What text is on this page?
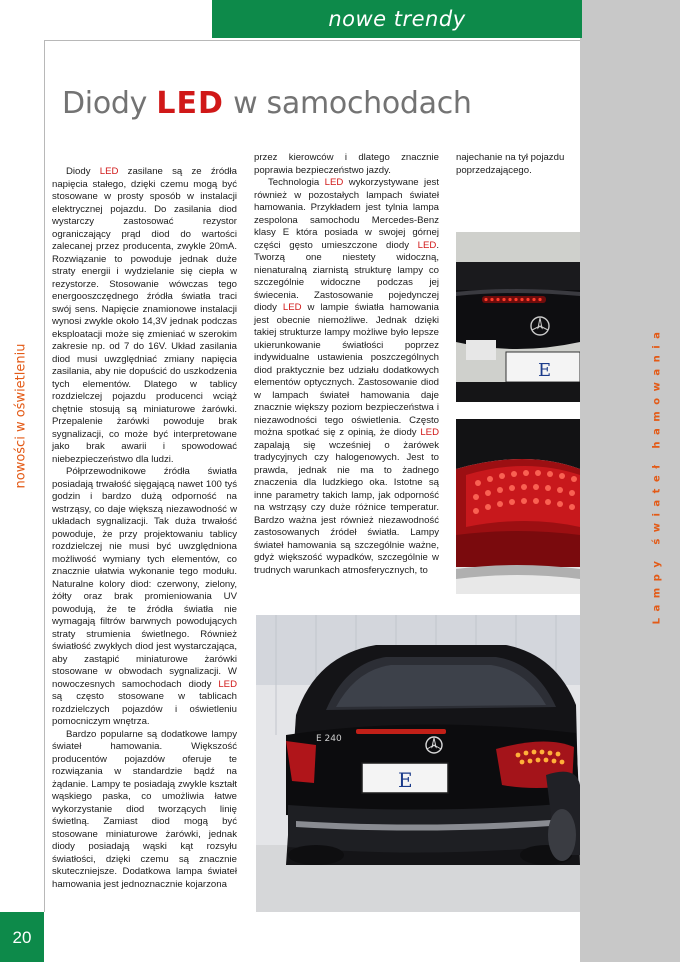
nowe trendy
nowości w oświetleniu	Lampy świateł hamowania
Diody LED w samochodach

Diody LED zasilane są ze źródła napięcia stałego, dzięki czemu mogą być stosowane w prosty sposób w instalacji elektrycznej pojazdu. Do zasilania diod wystarczy zastosować rezystor ograniczający prąd diod do wartości zalecanej przez producenta, zwykle 20mA. Rozwiązanie to powoduje jednak duże straty energii i wydzielanie się ciepła w rezystorze. Stosowanie wówczas tego energooszczędnego źródła światła traci swój sens. Napięcie znamionowe instalacji wynosi zwykle około 14,3V jednak podczas eksploatacji może się zmieniać w szerokim zakresie np. od 7 do 16V. Układ zasilania diod musi uwzględniać zmiany napięcia zasilania, aby nie dopuścić do uszkodzenia tych elementów. Dlatego w tablicy rozdzielczej pojazdu producenci wciąż chętnie stosują są miniaturowe żarówki. Przepalenie żarówki powoduje brak sygnalizacji, co może być interpretowane jako brak awarii i spowodować niebezpieczeństwo dla ludzi.

Półprzewodnikowe źródła światła posiadają trwałość sięgającą nawet 100 tyś godzin i bardzo dużą odporność na wstrząsy, co daje większą niezawodność w układach sygnalizacji. Tak duża trwałość powoduje, że przy projektowaniu tablicy rozdzielczej nie musi być uwzględniona możliwość wymiany tych elementów, co znacznie ułatwia wykonanie tego modułu. Naturalne kolory diod: czerwony, zielony, żółty oraz brak promieniowania UV powodują, że te źródła światła nie wymagają filtrów barwnych powodujących straty strumienia świetlnego. Również światłość zwykłych diod jest wystarczająca, aby zastąpić miniaturowe żarówki stosowane w obwodach sygnalizacji. W nowoczesnych samochodach diody LED są często stosowane w tablicach rozdzielczych pojazdów i oświetleniu pomocniczym wnętrza.

Bardzo popularne są dodatkowe lampy świateł hamowania. Większość producentów pojazdów oferuje te rozwiązania w standardzie bądź na żądanie. Lampy te posiadają zwykle kształt wąskiego paska, co umożliwia łatwe wykorzystanie diod tworzących linię świetlną. Zamiast diod mogą być stosowane miniaturowe żarówki, jednak diody posiadają wąski kąt rozsyłu światłości, dzięki czemu są znacznie skuteczniejsze. Dodatkowa lampa świateł hamowania jest jednoznacznie kojarzona

przez kierowców i dlatego znacznie poprawia bezpieczeństwo jazdy.

Technologia LED wykorzystywane jest również w pozostałych lampach świateł hamowania. Przykładem jest tylnia lampa zespolona samochodu Mercedes-Benz klasy E która posiada w swojej górnej części gęsto umieszczone diody LED. Tworzą one niestety widoczną, nienaturalną ziarnistą strukturę lampy co szczególnie widoczne podczas jej świecenia. Zastosowanie pojedynczej diody LED w lampie światła hamowania jest obecnie niemożliwe. Jednak dzięki takiej strukturze lampy możliwe było lepsze ukierunkowanie światłości poprzez indywidualne ustawienia poszczególnych diod praktycznie bez udziału dodatkowych elementów optycznych. Zastosowanie diod w lampach świateł hamowania daje znacznie większy poziom bezpieczeństwa i niezawodności tego oświetlenia. Często można spotkać się z opinią, że diody LED zapalają się wcześniej o żarówek tradycyjnych czy halogenowych. Jest to prawda, jednak nie ma to żadnego znaczenia dla ludzkiego oka. Istotne są inne parametry takich lamp, jak odporność na wstrząsy czy duże różnice temperatur. Bardzo ważna jest również niezawodność zastosowanych źródeł światła. Lampy świateł hamowania są szczególnie ważne, gdyż większość wypadków, szczególnie w trudnych warunkach atmosferycznych, to

najechanie na tył pojazdu poprzedzającego.

E
E 240
E
20
